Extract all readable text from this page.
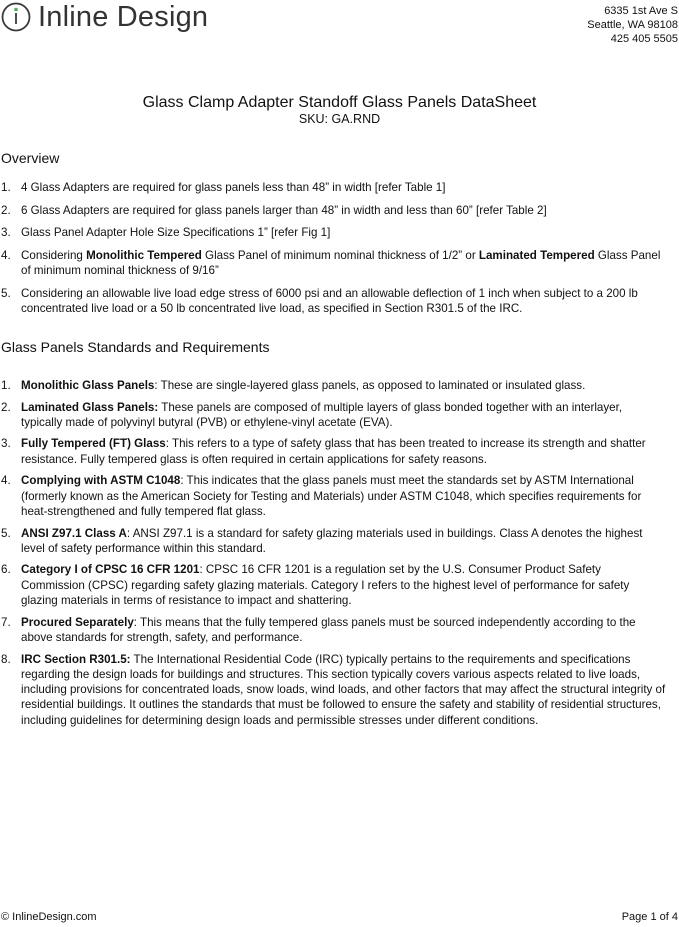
Inline Design	6335 1st Ave S
Seattle, WA 98108
425 405 5505
Glass Clamp Adapter Standoff Glass Panels DataSheet
SKU: GA.RND
Overview
1. 4 Glass Adapters are required for glass panels less than 48” in width [refer Table 1]
2. 6 Glass Adapters are required for glass panels larger than 48” in width and less than 60” [refer Table 2]
3. Glass Panel Adapter Hole Size Specifications 1” [refer Fig 1]
4. Considering Monolithic Tempered Glass Panel of minimum nominal thickness of 1/2” or Laminated Tempered Glass Panel of minimum nominal thickness of 9/16”
5. Considering an allowable live load edge stress of 6000 psi and an allowable deflection of 1 inch when subject to a 200 lb concentrated live load or a 50 lb concentrated live load, as specified in Section R301.5 of the IRC.
Glass Panels Standards and Requirements
1. Monolithic Glass Panels: These are single-layered glass panels, as opposed to laminated or insulated glass.
2. Laminated Glass Panels: These panels are composed of multiple layers of glass bonded together with an interlayer, typically made of polyvinyl butyral (PVB) or ethylene-vinyl acetate (EVA).
3. Fully Tempered (FT) Glass: This refers to a type of safety glass that has been treated to increase its strength and shatter resistance. Fully tempered glass is often required in certain applications for safety reasons.
4. Complying with ASTM C1048: This indicates that the glass panels must meet the standards set by ASTM International (formerly known as the American Society for Testing and Materials) under ASTM C1048, which specifies requirements for heat-strengthened and fully tempered flat glass.
5. ANSI Z97.1 Class A: ANSI Z97.1 is a standard for safety glazing materials used in buildings. Class A denotes the highest level of safety performance within this standard.
6. Category I of CPSC 16 CFR 1201: CPSC 16 CFR 1201 is a regulation set by the U.S. Consumer Product Safety Commission (CPSC) regarding safety glazing materials. Category I refers to the highest level of performance for safety glazing materials in terms of resistance to impact and shattering.
7. Procured Separately: This means that the fully tempered glass panels must be sourced independently according to the above standards for strength, safety, and performance.
8. IRC Section R301.5: The International Residential Code (IRC) typically pertains to the requirements and specifications regarding the design loads for buildings and structures. This section typically covers various aspects related to live loads, including provisions for concentrated loads, snow loads, wind loads, and other factors that may affect the structural integrity of residential buildings. It outlines the standards that must be followed to ensure the safety and stability of residential structures, including guidelines for determining design loads and permissible stresses under different conditions.
© InlineDesign.com	Page 1 of 4
